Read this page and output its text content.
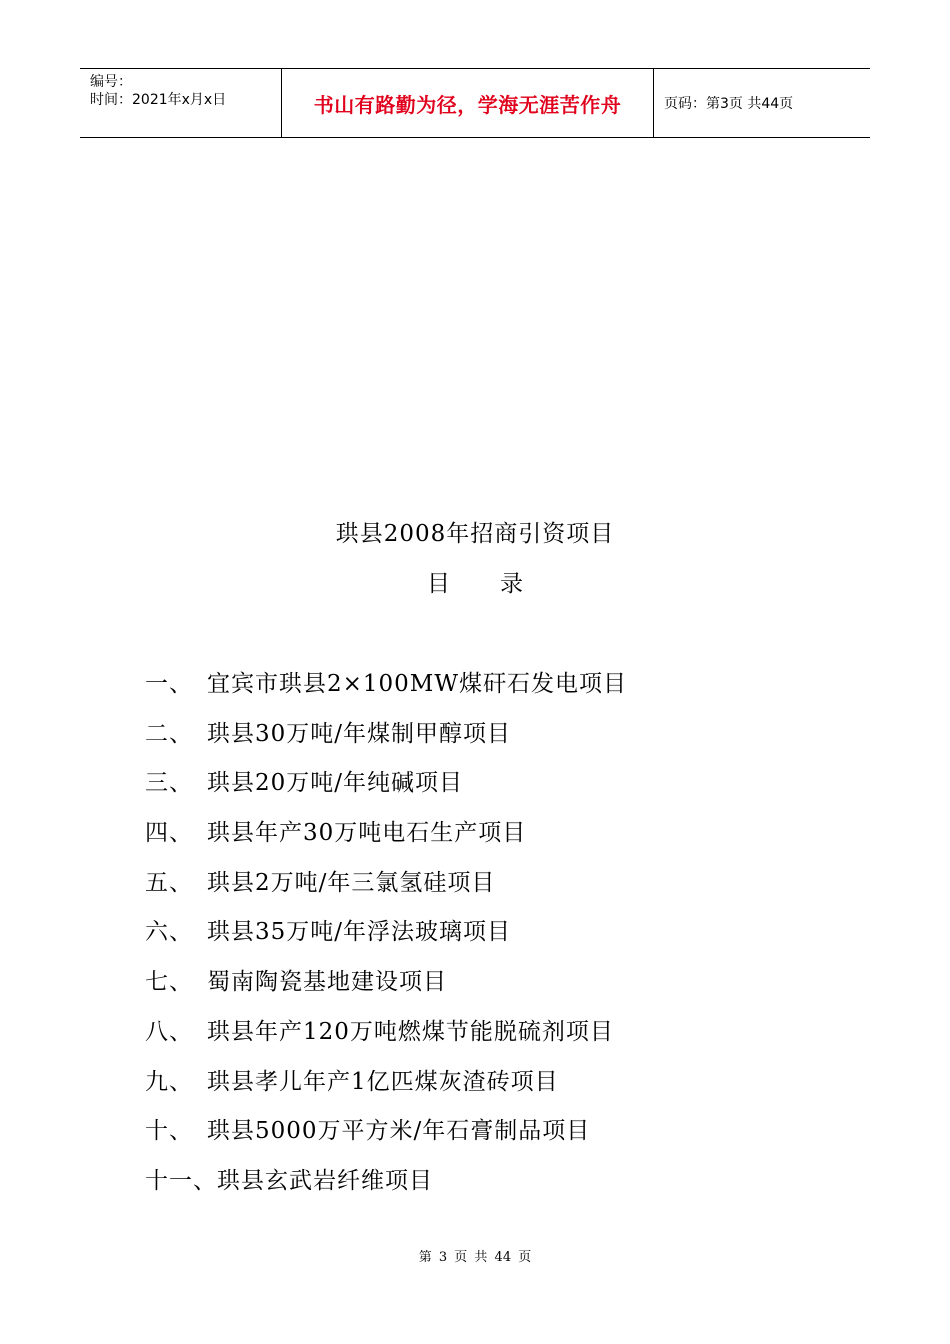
编号：
时间：2021年x月x日	书山有路勤为径，学海无涯苦作舟	页码：第3页 共44页
珙县2008年招商引资项目
目 录
一、 宜宾市珙县2×100MW煤矸石发电项目
二、 珙县30万吨/年煤制甲醇项目
三、 珙县20万吨/年纯碱项目
四、 珙县年产30万吨电石生产项目
五、 珙县2万吨/年三氯氢硅项目
六、 珙县35万吨/年浮法玻璃项目
七、 蜀南陶瓷基地建设项目
八、 珙县年产120万吨燃煤节能脱硫剂项目
九、 珙县孝儿年产1亿匹煤灰渣砖项目
十、 珙县5000万平方米/年石膏制品项目
十一、 珙县玄武岩纤维项目
第 3 页 共 44 页
